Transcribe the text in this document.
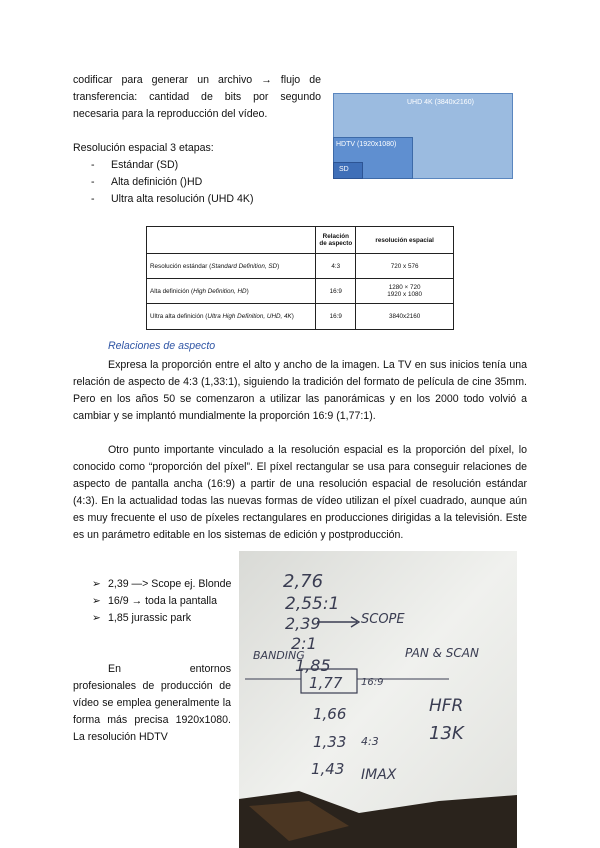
codificar para generar un archivo → flujo de transferencia: cantidad de bits por segundo necesaria para la reproducción del vídeo.

Resolución espacial 3 etapas:

- Estándar (SD)
- Alta definición ()HD
- Ultra alta resolución (UHD 4K)
UHD 4K (3840x2160)
HDTV (1920x1080)
SD
	Relación de aspecto	resolución espacial
Resolución estándar (Standard Definition, SD)	4:3	720 x 576
Alta definición (High Definition, HD)	16:9	1280 × 720
1920 x 1080

Ultra alta definición (Ultra High Definition, UHD, 4K)	16:9	3840x2160
Relaciones de aspecto

Expresa la proporción entre el alto y ancho de la imagen. La TV en sus inicios tenía una relación de aspecto de 4:3 (1,33:1), siguiendo la tradición del formato de película de cine 35mm. Pero en los años 50 se comenzaron a utilizar las panorámicas y en los 2000 todo volvió a cambiar y se implantó mundialmente la proporción 16:9 (1,77:1).

Otro punto importante vinculado a la resolución espacial es la proporción del píxel, lo conocido como “proporción del píxel”. El píxel rectangular se usa para conseguir relaciones de aspecto de pantalla ancha (16:9) a partir de una resolución espacial de resolución estándar (4:3). En la actualidad todas las nuevas formas de vídeo utilizan el píxel cuadrado, aunque aún es muy frecuente el uso de píxeles rectangulares en producciones dirigidas a la televisión. Este es un parámetro editable en los sistemas de edición y postproducción.

➢ 2,39 —> Scope ej. Blonde
➢ 16/9 → toda la pantalla
➢ 1,85 jurassic park

En entornos profesionales de producción de vídeo se emplea generalmente la forma más precisa 1920x1080. La resolución HDTV

2,76
2,55:1
2,39	SCOPE
2:1
BANDING
1,85
PAN & SCAN
1,77 16:9
HFR
1,66
13K
1,33 4:3
1,43 IMAX
